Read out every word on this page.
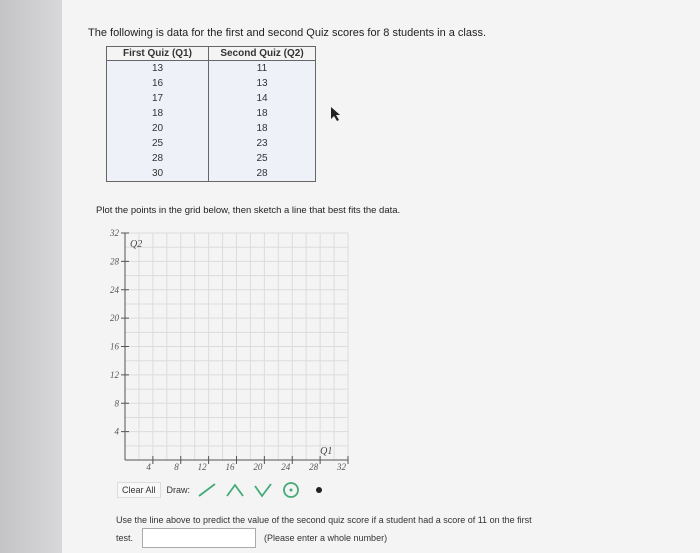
The following is data for the first and second Quiz scores for 8 students in a class.
First Quiz (Q1)	Second Quiz (Q2)
13	11
16	13
17	14
18	18
20	18
25	23
28	25
30	28
Plot the points in the grid below, then sketch a line that best fits the data.
32
28
24
20
16
12
8
4
4	8 12 16 20 24 28 32
Q2
Q1
Clear All	Draw:
Use the line above to predict the value of the second quiz score if a student had a score of 11 on the first
test.	(Please enter a whole number)
